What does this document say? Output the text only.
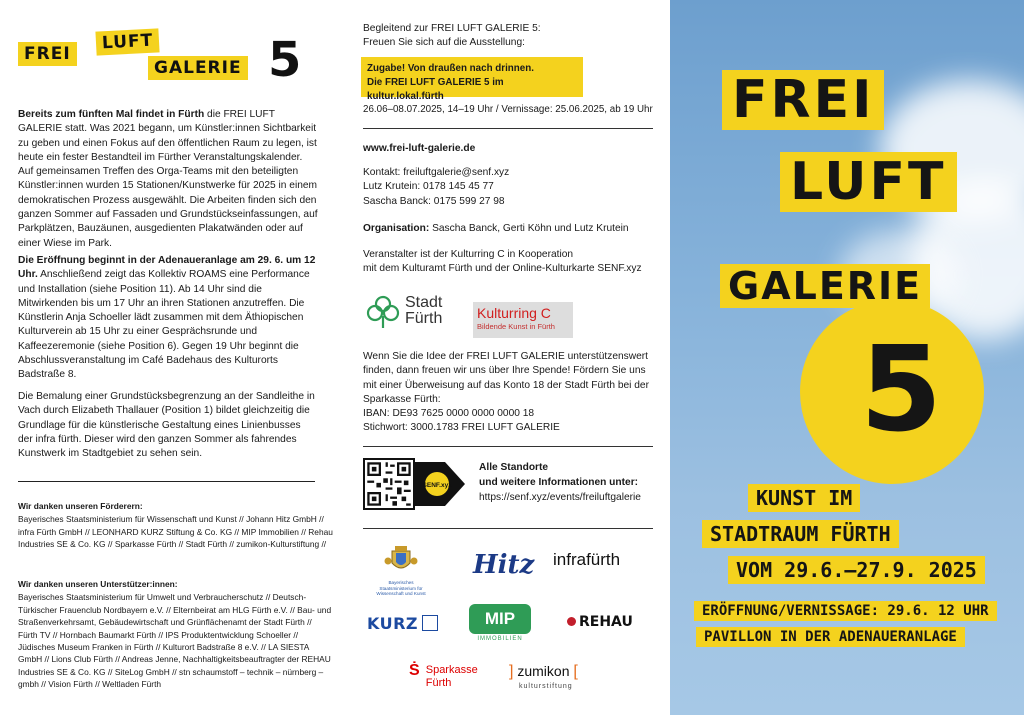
FREI
LUFT
GALERIE 5
Bereits zum fünften Mal findet in Fürth die FREI LUFT GALERIE statt. Was 2021 begann, um Künstler:innen Sichtbarkeit zu geben und einen Fokus auf den öffentlichen Raum zu legen, ist heute ein fester Bestandteil im Fürther Veranstaltungskalender. Auf gemeinsamen Treffen des Orga-Teams mit den beteiligten Künstler:innen wurden 15 Stationen/Kunstwerke für 2025 in einem demokratischen Prozess ausgewählt. Die Arbeiten finden sich den ganzen Sommer auf Fassaden und Grundstückseinfassungen, auf Parkplätzen, Bauzäunen, ausgedienten Plakatwänden oder auf einer Wiese im Park.
Die Eröffnung beginnt in der Adenaueranlage am 29. 6. um 12 Uhr. Anschließend zeigt das Kollektiv ROAMS eine Performance und Installation (siehe Position 11). Ab 14 Uhr sind die Mitwirkenden bis um 17 Uhr an ihren Stationen anzutreffen. Die Künstlerin Anja Schoeller lädt zusammen mit dem Äthiopischen Kulturverein ab 15 Uhr zu einer Gesprächsrunde und Kaffeezeremonie (siehe Position 6). Gegen 19 Uhr beginnt die Abschlussveranstaltung im Café Badehaus des Kulturorts Badstraße 8.
Die Bemalung einer Grundstücksbegrenzung an der Sandleithe in Vach durch Elizabeth Thallauer (Position 1) bildet gleichzeitig die Grundlage für die künstlerische Gestaltung eines Linienbusses der infra fürth. Dieser wird den ganzen Sommer als fahrendes Kunstwerk im Stadtgebiet zu sehen sein.
Wir danken unseren Förderern:
Bayerisches Staatsministerium für Wissenschaft und Kunst // Johann Hitz GmbH // infra Fürth GmbH // LEONHARD KURZ Stiftung & Co. KG // MIP Immobilien // Rehau Industries SE & Co. KG // Sparkasse Fürth // Stadt Fürth // zumikon-Kulturstiftung //
Wir danken unseren Unterstützer:innen:
Bayerisches Staatsministerium für Umwelt und Verbraucherschutz // Deutsch-Türkischer Frauenclub Nordbayern e.V. // Elternbeirat am HLG Fürth e.V. // Bau- und Straßenverkehrsamt, Gebäudewirtschaft und Grünflächenamt der Stadt Fürth // Fürth TV // Hornbach Baumarkt Fürth // IPS Produktentwicklung Schoeller // Jüdisches Museum Franken in Fürth // Kulturort Badstraße 8 e.V. // LA SIESTA GmbH // Lions Club Fürth // Andreas Jenne, Nachhaltigkeitsbeauftragter der REHAU Industries SE & Co. KG // SiteLog GmbH // stn schaumstoff – technik – nürnberg – gmbh // Vision Fürth // Weltladen Fürth
Begleitend zur FREI LUFT GALERIE 5:
Freuen Sie sich auf die Ausstellung:
Zugabe! Von draußen nach drinnen.
Die FREI LUFT GALERIE 5 im kultur.lokal.fürth
26.06–08.07.2025, 14–19 Uhr / Vernissage: 25.06.2025, ab 19 Uhr
www.frei-luft-galerie.de
Kontakt: freiluftgalerie@senf.xyz
Lutz Krutein: 0178 145 45 77
Sascha Banck: 0175 599 27 98
Organisation: Sascha Banck, Gerti Köhn und Lutz Krutein
Veranstalter ist der Kulturring C in Kooperation
mit dem Kulturamt Fürth und der Online-Kulturkarte SENF.xyz
Stadt
Fürth Kulturring C
Bildende Kunst in Fürth
Wenn Sie die Idee der FREI LUFT GALERIE unterstützenswert finden, dann freuen wir uns über Ihre Spende! Fördern Sie uns mit einer Überweisung auf das Konto 18 der Stadt Fürth bei der Sparkasse Fürth:
IBAN: DE93 7625 0000 0000 0000 18
Stichwort: 3000.1783 FREI LUFT GALERIE
SENF.xyz
Alle Standorte
und weitere Informationen unter:
https://senf.xyz/events/freiluftgalerie
Bayerisches Staatsministerium für Wissenschaft und Kunst
Hitz infrafürth
KURZ	MIP
IMMOBILIEN
REHAU
Ṡ Sparkasse
Fürth
] zumikon [
kulturstiftung
FREI
LUFT
GALERIE
5
KUNST IM
STADTRAUM FÜRTH
VOM 29.6.–27.9. 2025
ERÖFFNUNG/VERNISSAGE: 29.6. 12 UHR
PAVILLON IN DER ADENAUERANLAGE
